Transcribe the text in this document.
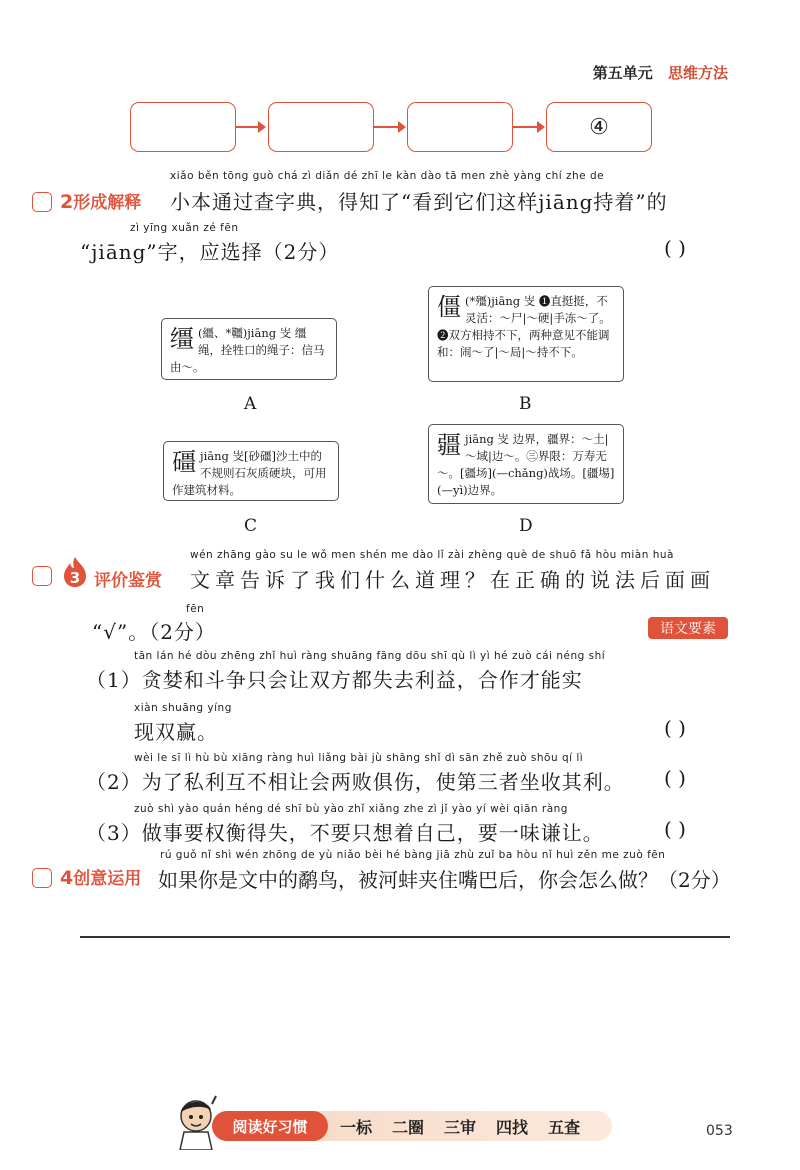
第五单元 思维方法
④
2形成解释
xiǎo běn tōng guò chá zì diǎn dé zhī le kàn dào tā men zhè yàng chí zhe de
小本通过查字典，得知了“看到它们这样jiāng持着”的
zì yīng xuǎn zé fēn
“jiāng”字，应选择（2分）	( )
缰 (繮、*韁)jiāng 㞵 缰绳，拴牲口的绳子：信马由～。
A
僵 (*殭)jiāng 㞵 ❶直挺挺，不灵活：～尸|～硬|手冻～了。❷双方相持不下，两种意见不能调和：闹～了|～局|～持不下。
B
礓 jiāng 㞵[砂礓]沙土中的不规则石灰质硬块，可用作建筑材料。
C
疆 jiāng 㞵 边界，疆界：～土|～域|边～。㊂界限：万寿无～。[疆场](—chǎng)战场。[疆埸](—yì)边界。
D
3 评价鉴赏
wén zhāng gào su le wǒ men shén me dào lǐ zài zhèng què de shuō fǎ hòu miàn huà
文章告诉了我们什么道理？在正确的说法后面画
fēn
“√”。（2分）	语文要素
tān lán hé dòu zhēng zhǐ huì ràng shuāng fāng dōu shī qù lì yì hé zuò cái néng shí
（1）贪婪和斗争只会让双方都失去利益，合作才能实
xiàn shuāng yíng
现双赢。	( )
wèi le sī lì hù bù xiāng ràng huì liǎng bài jù shāng shǐ dì sān zhě zuò shōu qí lì
（2）为了私利互不相让会两败俱伤，使第三者坐收其利。 ( )
zuò shì yào quán héng dé shī bù yào zhǐ xiǎng zhe zì jǐ yào yí wèi qiān ràng
（3）做事要权衡得失，不要只想着自己，要一味谦让。	( )
4创意运用
rú guǒ nǐ shì wén zhōng de yù niǎo bèi hé bàng jiā zhù zuǐ ba hòu nǐ huì zěn me zuò fēn
如果你是文中的鹬鸟，被河蚌夹住嘴巴后，你会怎么做？（2分）
阅读好习惯	一标 二圈 三审 四找 五查	053
